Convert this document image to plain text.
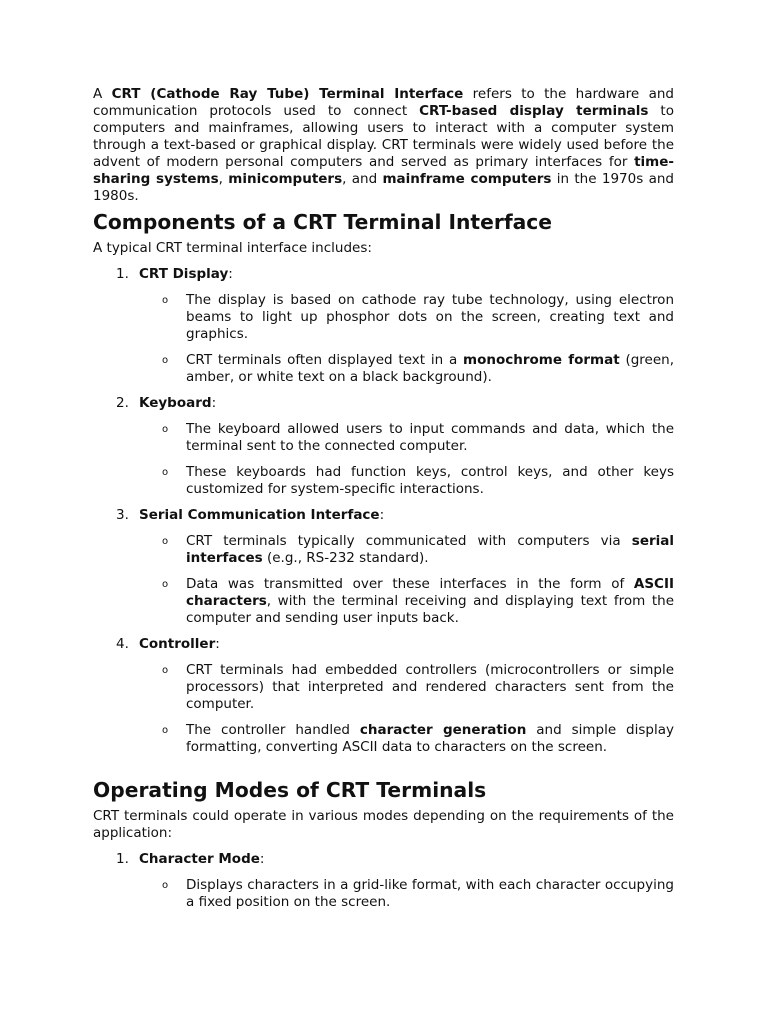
A CRT (Cathode Ray Tube) Terminal Interface refers to the hardware and communication protocols used to connect CRT-based display terminals to computers and mainframes, allowing users to interact with a computer system through a text-based or graphical display. CRT terminals were widely used before the advent of modern personal computers and served as primary interfaces for time-sharing systems, minicomputers, and mainframe computers in the 1970s and 1980s.

Components of a CRT Terminal Interface

A typical CRT terminal interface includes:

1. CRT Display:
o The display is based on cathode ray tube technology, using electron beams to light up phosphor dots on the screen, creating text and graphics.
o CRT terminals often displayed text in a monochrome format (green, amber, or white text on a black background).
2. Keyboard:
o The keyboard allowed users to input commands and data, which the terminal sent to the connected computer.
o These keyboards had function keys, control keys, and other keys customized for system-specific interactions.
3. Serial Communication Interface:
o CRT terminals typically communicated with computers via serial interfaces (e.g., RS-232 standard).
o Data was transmitted over these interfaces in the form of ASCII characters, with the terminal receiving and displaying text from the computer and sending user inputs back.
4. Controller:
o CRT terminals had embedded controllers (microcontrollers or simple processors) that interpreted and rendered characters sent from the computer.
o The controller handled character generation and simple display formatting, converting ASCII data to characters on the screen.
Operating Modes of CRT Terminals

CRT terminals could operate in various modes depending on the requirements of the application:

1. Character Mode:
o Displays characters in a grid-like format, with each character occupying a fixed position on the screen.
